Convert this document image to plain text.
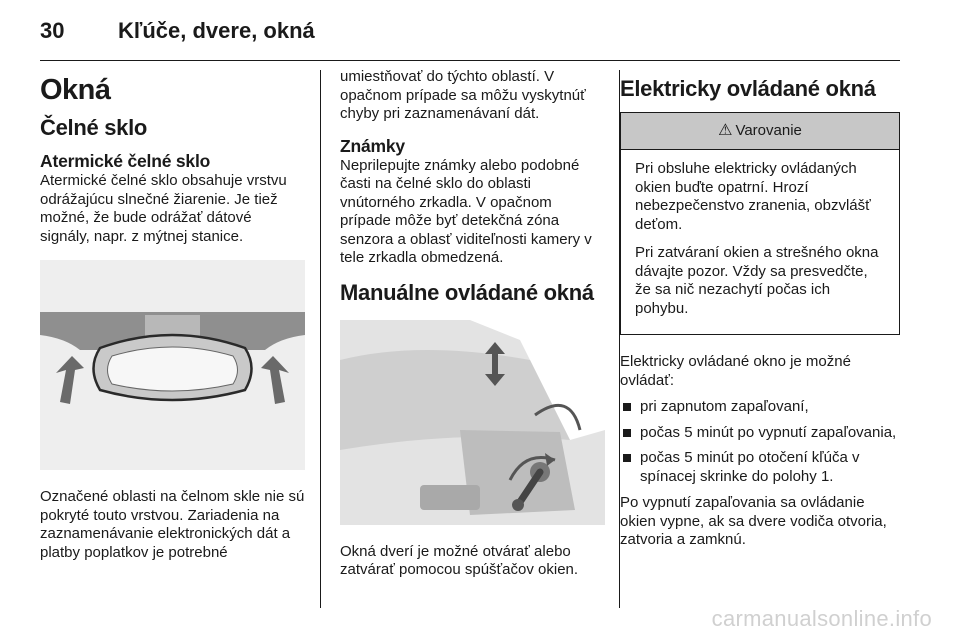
30 Kľúče, dvere, okná
Okná
Čelné sklo
Atermické čelné sklo

Atermické čelné sklo obsahuje vrstvu odrážajúcu slnečné žiarenie. Je tiež možné, že bude odrážať dátové signály, napr. z mýtnej stanice.

Označené oblasti na čelnom skle nie sú pokryté touto vrstvou. Zariadenia na zaznamenávanie elektronických dát a platby poplatkov je potrebné

umiestňovať do týchto oblastí. V opačnom prípade sa môžu vyskytnúť chyby pri zaznamenávaní dát.

Známky

Neprilepujte známky alebo podobné časti na čelné sklo do oblasti vnútorného zrkadla. V opačnom prípade môže byť detekčná zóna senzora a oblasť viditeľnosti kamery v tele zrkadla obmedzená.

Manuálne ovládané okná

Okná dverí je možné otvárať alebo zatvárať pomocou spúšťačov okien.

Elektricky ovládané okná
⚠ Varovanie

Pri obsluhe elektricky ovládaných okien buďte opatrní. Hrozí nebezpečenstvo zranenia, obzvlášť deťom.

Pri zatváraní okien a strešného okna dávajte pozor. Vždy sa presvedčte, že sa nič nezachytí počas ich pohybu.

Elektricky ovládané okno je možné ovládať:

pri zapnutom zapaľovaní,
počas 5 minút po vypnutí zapaľovania,
počas 5 minút po otočení kľúča v spínacej skrinke do polohy 1.

Po vypnutí zapaľovania sa ovládanie okien vypne, ak sa dvere vodiča otvoria, zatvoria a zamknú.

carmanualsonline.info
